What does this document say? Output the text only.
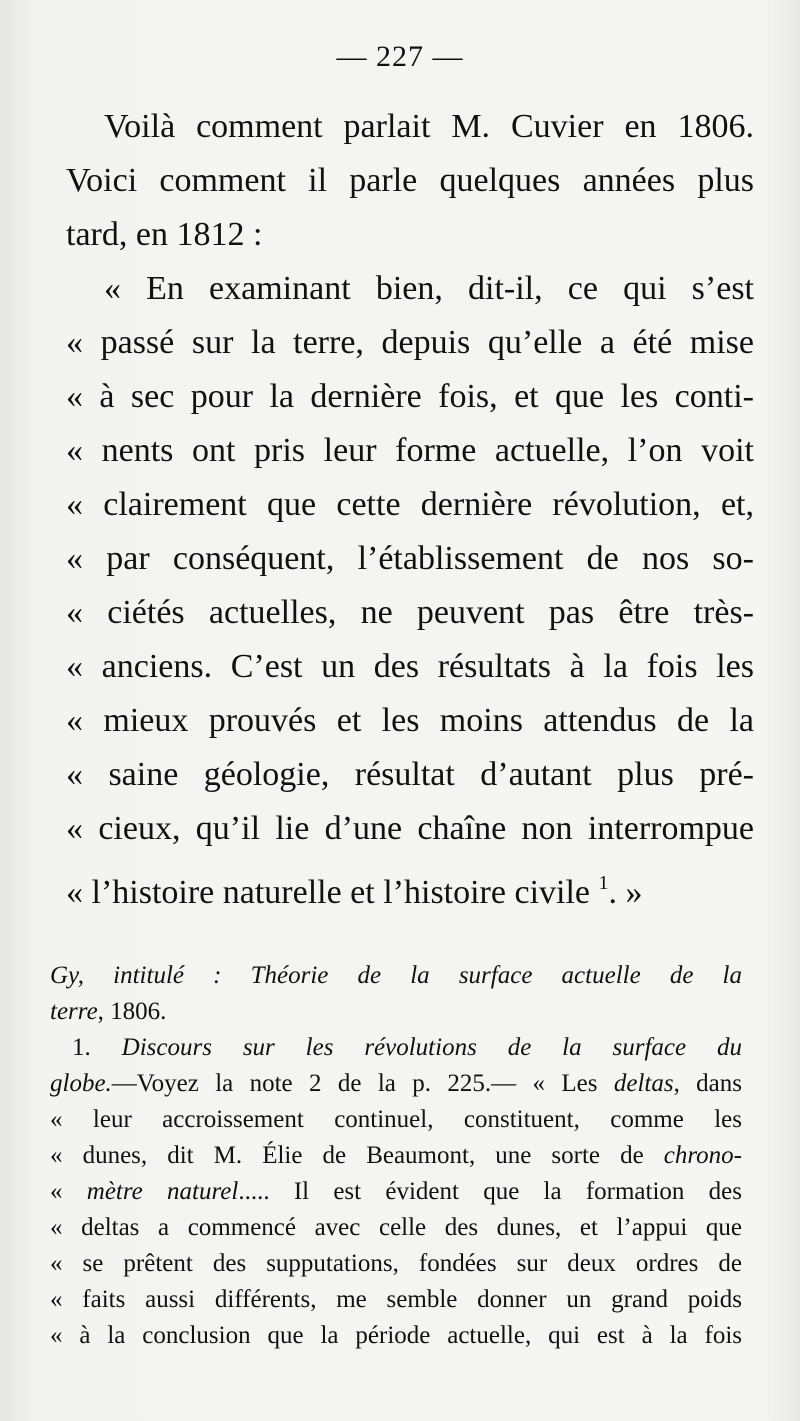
— 227 —
Voilà comment parlait M. Cuvier en 1806.
Voici comment il parle quelques années plus
tard, en 1812 :
« En examinant bien, dit-il, ce qui s’est
« passé sur la terre, depuis qu’elle a été mise
« à sec pour la dernière fois, et que les conti-
« nents ont pris leur forme actuelle, l’on voit
« clairement que cette dernière révolution, et,
« par conséquent, l’établissement de nos so-
« ciétés actuelles, ne peuvent pas être très-
« anciens. C’est un des résultats à la fois les
« mieux prouvés et les moins attendus de la
« saine géologie, résultat d’autant plus pré-
« cieux, qu’il lie d’une chaîne non interrompue
« l’histoire naturelle et l’histoire civile $^1$. »
Gy, intitulé : Théorie de la surface actuelle de la
terre, 1806.
1. Discours sur les révolutions de la surface du
globe.—Voyez la note 2 de la p. 225.— « Les deltas, dans
« leur accroissement continuel, constituent, comme les
« dunes, dit M. Élie de Beaumont, une sorte de chrono-
« mètre naturel..... Il est évident que la formation des
« deltas a commencé avec celle des dunes, et l’appui que
« se prêtent des supputations, fondées sur deux ordres de
« faits aussi différents, me semble donner un grand poids
« à la conclusion que la période actuelle, qui est à la fois
